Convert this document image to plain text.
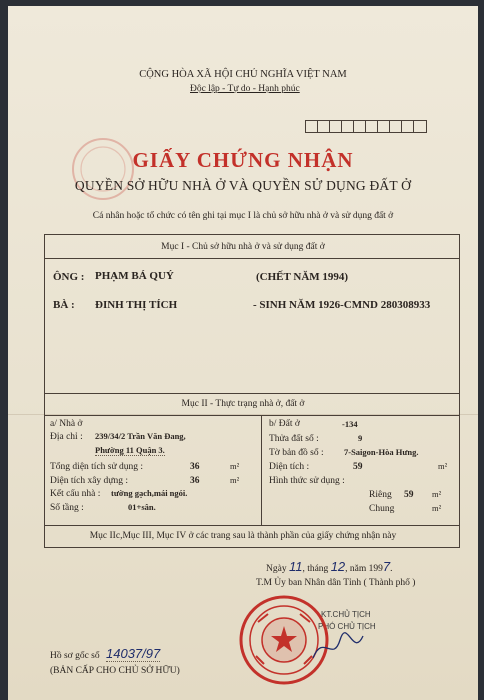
CỘNG HÒA XÃ HỘI CHỦ NGHĨA VIỆT NAM
Độc lập - Tự do - Hạnh phúc
GIẤY CHỨNG NHẬN
QUYỀN SỞ HỮU NHÀ Ở VÀ QUYỀN SỬ DỤNG ĐẤT Ở
Cá nhân hoặc tổ chức có tên ghi tại mục I là chủ sở hữu nhà ở và sử dụng đất ở
Mục I - Chủ sở hữu nhà ở và sử dụng đất ở
ÔNG : PHẠM BÁ QUÝ	(CHẾT NĂM 1994)
BÀ : ĐINH THỊ TÍCH	- SINH NĂM 1926-CMND 280308933
Mục II - Thực trạng nhà ở, đất ở
a/ Nhà ở
Địa chỉ : 239/34/2 Trần Văn Đang,
Phường 11 Quận 3.
Tổng diện tích sử dụng :	36	m²
Diện tích xây dựng :	36	m²
Kết cấu nhà : tường gạch,mái ngói.
Số tầng :	01+sân.
b/ Đất ở	-134
Thửa đất số :	9
Tờ bản đồ số : 7-Saigon-Hòa Hưng.
Diện tích :	59	m²
Hình thức sử dụng :
Riêng 59 m²
Chung	m²
Mục IIc,Mục III, Mục IV ở các trang sau là thành phần của giấy chứng nhận này
Ngày 11, tháng 12, năm 1997.
T.M Ủy ban Nhân dân Tỉnh ( Thành phố )
KT.CHỦ TỊCH
PHÓ CHỦ TỊCH
Hồ sơ gốc số 14037/97
(BẢN CẤP CHO CHỦ SỞ HỮU)
